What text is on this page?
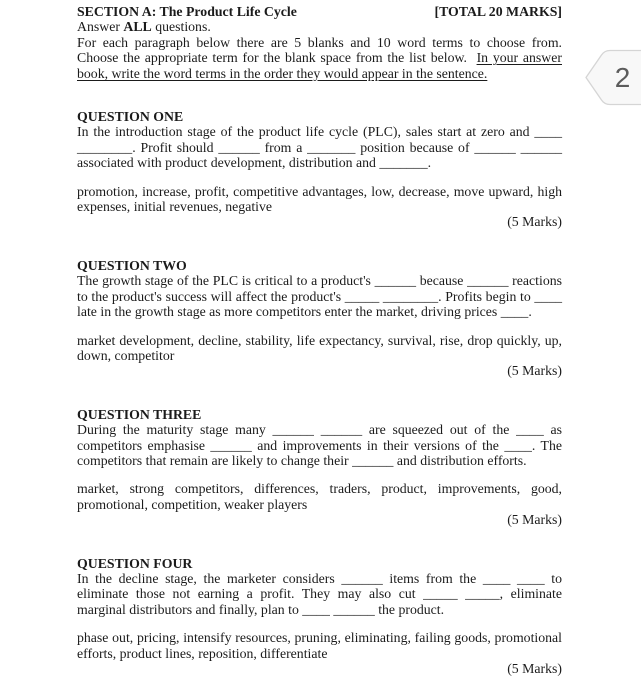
SECTION A: The Product Life Cycle	[TOTAL 20 MARKS]
Answer ALL questions.
For each paragraph below there are 5 blanks and 10 word terms to choose from. Choose the appropriate term for the blank space from the list below.  In your answer book, write the word terms in the order they would appear in the sentence.
QUESTION ONE
In the introduction stage of the product life cycle (PLC), sales start at zero and ____ ________. Profit should ______ from a _______ position because of ______ ______ associated with product development, distribution and _______.
promotion, increase, profit, competitive advantages, low, decrease, move upward, high expenses, initial revenues, negative
(5 Marks)
QUESTION TWO
The growth stage of the PLC is critical to a product's ______ because ______ reactions to the product's success will affect the product's _____ ________. Profits begin to ____ late in the growth stage as more competitors enter the market, driving prices ____.
market development, decline, stability, life expectancy, survival, rise, drop quickly, up, down, competitor
(5 Marks)
QUESTION THREE
During the maturity stage many ______ ______ are squeezed out of the ____ as competitors emphasise ______ and improvements in their versions of the ____. The competitors that remain are likely to change their ______ and distribution efforts.
market, strong competitors, differences, traders, product, improvements, good, promotional, competition, weaker players
(5 Marks)
QUESTION FOUR
In the decline stage, the marketer considers ______ items from the ____ ____ to eliminate those not earning a profit. They may also cut _____ _____, eliminate marginal distributors and finally, plan to ____ ______ the product.
phase out, pricing, intensify resources, pruning, eliminating, failing goods, promotional efforts, product lines, reposition, differentiate
(5 Marks)
2
